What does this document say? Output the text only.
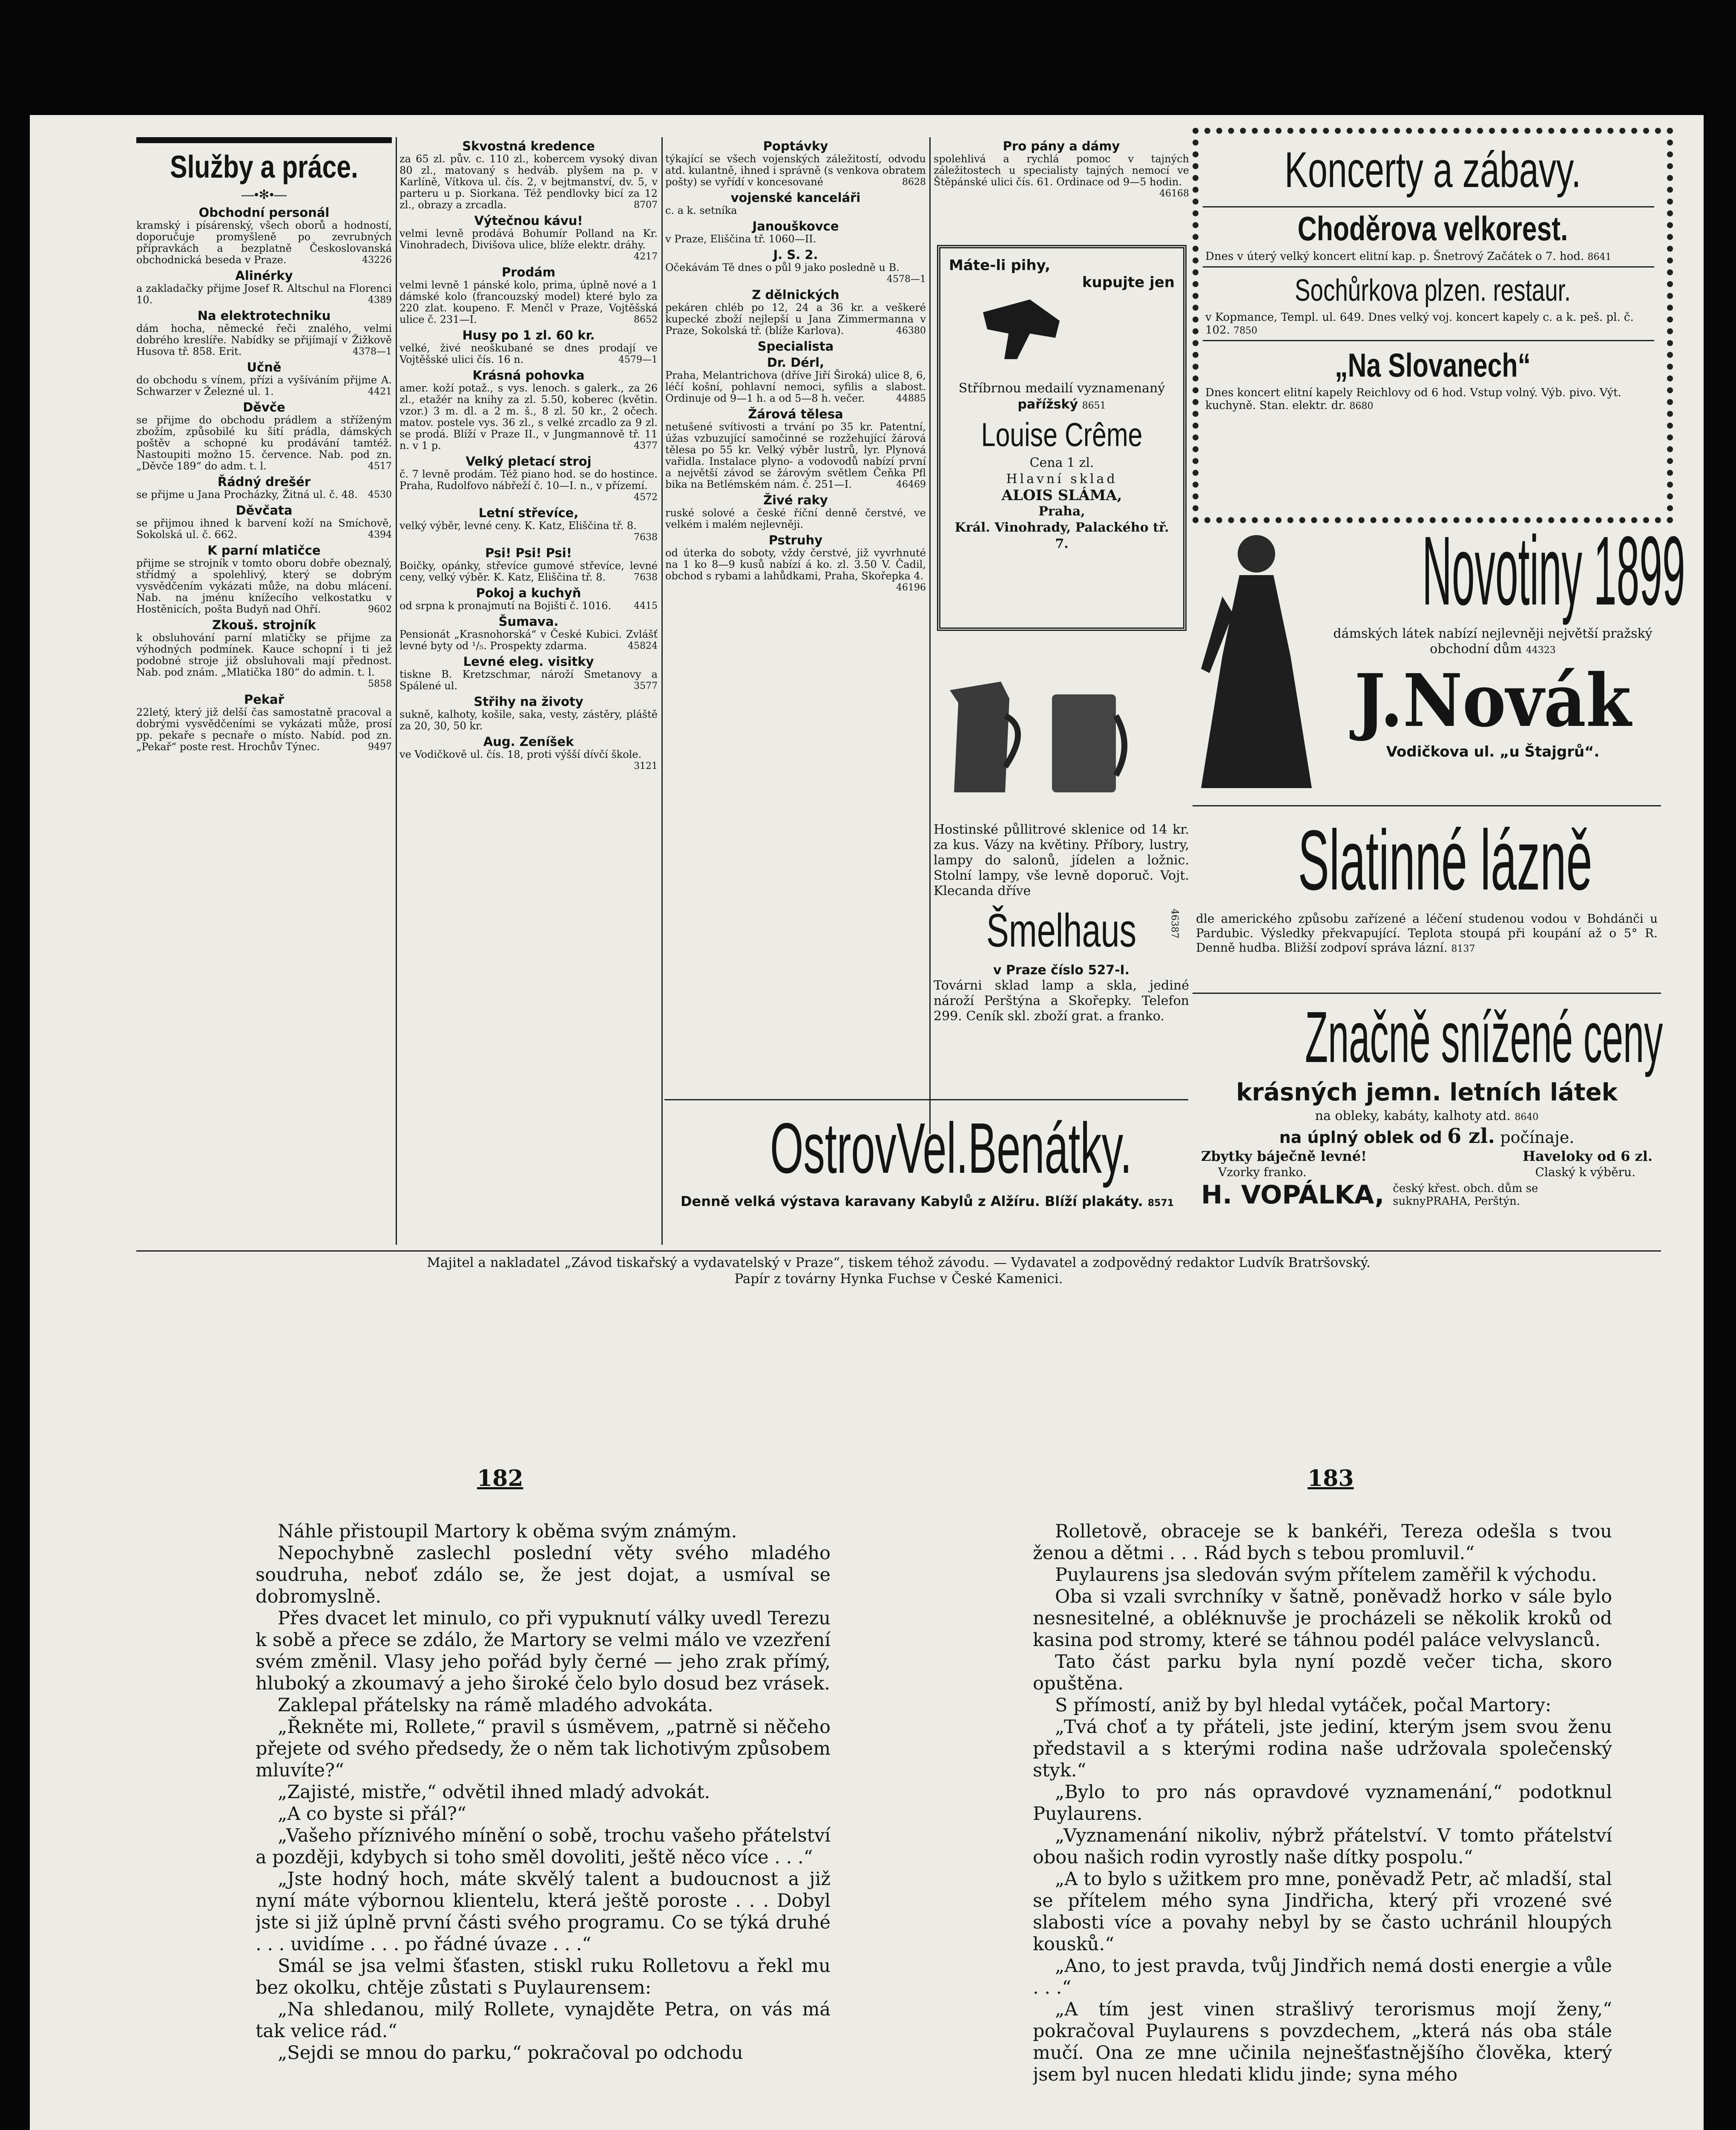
Služby a práce.
—•✻•—
Obchodní personál
kramský i písárenský, všech oborů a hodností, doporučuje promyšleně po zevrubných přípravkách a bezplatně Českoslovanská obchodnická beseda v Praze.	43226
Alinérky
a zakladačky přijme Josef R. Altschul na Florenci 10.	4389
Na elektrotechniku
dám hocha, německé řeči znalého, velmi dobrého kreslíře. Nabídky se přijímají v Žižkově Husova tř. 858. Erit.	4378—1
Učně
do obchodu s vínem, přízi a vyšíváním přijme A. Schwarzer v Železné ul. 1.	4421
Děvče
se přijme do obchodu prádlem a stříženým zbožím, způsobilé ku šití prádla, dámských poštěv a schopné ku prodávání tamtéž. Nastoupiti možno 15. července. Nab. pod zn. „Děvče 189“ do adm. t. l.	4517
Řádný drešér
se přijme u Jana Procházky, Žitná ul. č. 48. 4530
Děvčata
se přijmou ihned k barvení koží na Smíchově, Sokolská ul. č. 662.	4394
K parní mlatičce
přijme se strojník v tomto oboru dobře obeznalý, střídmý a spolehlivý, který se dobrým vysvědčením vykázati může, na dobu mlácení. Nab. na jménu knížecího velkostatku v Hostěnicích, pošta Budyň nad Ohří.	9602
Zkouš. strojník
k obsluhování parní mlatičky se přijme za výhodných podmínek. Kauce schopní i ti jež podobné stroje již obsluhovali mají přednost. Nab. pod znám. „Mlatička 180“ do admin. t. l.
5858
Pekař
22letý, který již delší čas samostatně pracoval a dobrými vysvědčeními se vykázati může, prosí pp. pekaře s pecnaře o místo. Nabíd. pod zn. „Pekař“ poste rest. Hrochův Týnec.	9497
Skvostná kredence
za 65 zl. pův. c. 110 zl., kobercem vysoký divan 80 zl., matovaný s hedváb. plyšem na p. v Karlíně, Vítkova ul. čís. 2, v bejtmanství, dv. 5, v parteru u p. Siorkana. Též pendlovky bicí za 12 zl., obrazy a zrcadla.	8707
Výtečnou kávu!
velmi levně prodává Bohumír Polland na Kr. Vinohradech, Divišova ulice, blíže elektr. dráhy.
4217
Prodám
velmi levně 1 pánské kolo, prima, úplně nové a 1 dámské kolo (francouzský model) které bylo za 220 zlat. koupeno. F. Menčl v Praze, Vojtěšská ulice č. 231—I.	8652
Husy po 1 zl. 60 kr.
velké, živé neoškubané se dnes prodají ve Vojtěšské ulici čís. 16 n.	4579—1
Krásná pohovka
amer. koží potaž., s vys. lenoch. s galerk., za 26 zl., etažér na knihy za zl. 5.50, koberec (květin. vzor.) 3 m. dl. a 2 m. š., 8 zl. 50 kr., 2 očech. matov. postele vys. 36 zl., s velké zrcadlo za 9 zl. se prodá. Blíží v Praze II., v Jungmannově tř. 11 n. v 1 p.	4377
Velký pletací stroj
č. 7 levně prodám. Též piano hod. se do hostince. Praha, Rudolfovo nábřeží č. 10—I. n., v přízemí.
4572
Letní střevíce,
velký výběr, levné ceny. K. Katz, Eliščina tř. 8.
7638
Psi! Psi! Psi!
Boičky, opánky, střevíce gumové střevíce, levné ceny, velký výběr. K. Katz, Eliščina tř. 8.	7638
Pokoj a kuchyň
od srpna k pronajmutí na Bojišti č. 1016. 4415
Šumava.
Pensionát „Krasnohorská“ v České Kubici. Zvlášť levné byty od ¹/₅. Prospekty zdarma.	45824
Levné eleg. visitky
tiskne B. Kretzschmar, nároží Smetanovy a Spálené ul.	3577
Střihy na životy
sukně, kalhoty, košile, saka, vesty, zástěry, pláště za 20, 30, 50 kr.
Aug. Zeníšek
ve Vodičkově ul. čís. 18, proti výšší dívčí škole.
3121
Poptávky
týkající se všech vojenských záležitostí, odvodu atd. kulantně, ihned i správně (s venkova obratem pošty) se vyřídí v koncesované	8628
vojenské kanceláři
c. a k. setníka
Janouškovce
v Praze, Eliščina tř. 1060—II.
J. S. 2.
Očekávám Tě dnes o půl 9 jako posledně u B.
4578—1
Z dělnických
pekáren chléb po 12, 24 a 36 kr. a veškeré kupecké zboží nejlepší u Jana Zimmermanna v Praze, Sokolská tř. (blíže Karlova).	46380
Specialista
Dr. Dérl,
Praha, Melantrichova (dříve Jiří Široká) ulice 8, 6, léčí košní, pohlavní nemoci, syfilis a slabost. Ordinuje od 9—1 h. a od 5—8 h. večer.	44885
Žárová tělesa
netušené svítivosti a trvání po 35 kr. Patentní, úžas vzbuzující samočinné se rozžehující žárová tělesa po 55 kr. Velký výběr lustrů, lyr. Plynová vařidla. Instalace plyno- a vodovodů nabízí první a největší závod se žárovým světlem Čeňka Pfl bika na Betlémském nám. č. 251—I.	46469
Živé raky
ruské solové a české říční denně čerstvé, ve velkém i malém nejlevněji.
Pstruhy
od úterka do soboty, vždy čerstvé, již vyvrhnuté na 1 ko 8—9 kusů nabízí á ko. zl. 3.50 V. Čadil, obchod s rybami a lahůdkami, Praha, Skořepka 4.
46196
Pro pány a dámy
spolehlivá a rychlá pomoc v tajných záležitostech u specialisty tajných nemocí ve Štěpánské ulici čís. 61. Ordinace od 9—5 hodin.
46168
Máte-li pihy,
kupujte jen
Stříbrnou medailí vyznamenaný
pařížský 8651
Louise Crême
Cena 1 zl.
Hlavní sklad
ALOIS SLÁMA,
Praha,
Král. Vinohrady, Palackého tř. 7.
Hostinské půllitrové sklenice od 14 kr. za kus. Vázy na květiny. Příbory, lustry, lampy do salonů, jídelen a ložnic. Stolní lampy, vše levně doporuč. Vojt. Klecanda dříve
Šmelhaus	46387
v Praze číslo 527-I.
Továrni sklad lamp a skla, jediné nároží Perštýna a Skořepky. Telefon 299. Ceník skl. zboží grat. a franko.
OstrovVel.Benátky.
Denně velká výstava karavany Kabylů z Alžíru. Blíží plakáty. 8571
Koncerty a zábavy.
Choděrova velkorest.
Dnes v úterý velký koncert elitní kap. p. Šnetrový Začátek o 7. hod. 8641
Sochůrkova plzen. restaur.
v Kopmance, Templ. ul. 649. Dnes velký voj. koncert kapely c. a k. peš. pl. č. 102. 7850
„Na Slovanech“
Dnes koncert elitní kapely Reichlovy od 6 hod. Vstup volný. Výb. pivo. Výt. kuchyně. Stan. elektr. dr. 8680
Novotiny 1899
dámských látek nabízí nejlevněji největší pražský obchodní dům 44323
J.Novák
Vodičkova ul. „u Štajgrů“.
Slatinné lázně
dle amerického způsobu zařízené a léčení studenou vodou v Bohdánči u Pardubic. Výsledky překvapující. Teplota stoupá při koupání až o 5° R. Denně hudba. Bližší zodpoví správa lázní. 8137
Značně snížené ceny
krásných jemn. letních látek
na obleky, kabáty, kalhoty atd. 8640
na úplný oblek od 6 zl. počínaje.
Zbytky báječně levné!	Haveloky od 6 zl.
Vzorky franko.	Claský k výběru.
H. VOPÁLKA, český křest. obch. dům se suknyPRAHA, Perštýn.
Majitel a nakladatel „Závod tiskařský a vydavatelský v Praze“, tiskem téhož závodu. — Vydavatel a zodpovědný redaktor Ludvík Bratršovský.
Papír z továrny Hynka Fuchse v České Kamenici.
182	183

Náhle přistoupil Martory k oběma svým známým.

Nepochybně zaslechl poslední věty svého mladého soudruha, neboť zdálo se, že jest dojat, a usmíval se dobromyslně.

Přes dvacet let minulo, co při vypuknutí války uvedl Terezu k sobě a přece se zdálo, že Martory se velmi málo ve vzezření svém změnil. Vlasy jeho pořád byly černé — jeho zrak přímý, hluboký a zkoumavý a jeho široké čelo bylo dosud bez vrásek.

Zaklepal přátelsky na rámě mladého advokáta.

„Řekněte mi, Rollete,“ pravil s úsměvem, „patrně si něčeho přejete od svého předsedy, že o něm tak lichotivým způsobem mluvíte?“

„Zajisté, mistře,“ odvětil ihned mladý advokát.

„A co byste si přál?“

„Vašeho příznivého mínění o sobě, trochu vašeho přátelství a později, kdybych si toho směl dovoliti, ještě něco více . . .“

„Jste hodný hoch, máte skvělý talent a budoucnost a již nyní máte výbornou klientelu, která ještě poroste . . . Dobyl jste si již úplně první části svého programu. Co se týká druhé . . . uvidíme . . . po řádné úvaze . . .“

Smál se jsa velmi šťasten, stiskl ruku Rolletovu a řekl mu bez okolku, chtěje zůstati s Puylaurensem:

„Na shledanou, milý Rollete, vynajděte Petra, on vás má tak velice rád.“

„Sejdi se mnou do parku,“ pokračoval po odchodu

Rolletově, obraceje se k bankéři, Tereza odešla s tvou ženou a dětmi . . . Rád bych s tebou promluvil.“

Puylaurens jsa sledován svým přítelem zaměřil k východu.

Oba si vzali svrchníky v šatně, poněvadž horko v sále bylo nesnesitelné, a obléknuvše je procházeli se několik kroků od kasina pod stromy, které se táhnou podél paláce velvyslanců.

Tato část parku byla nyní pozdě večer ticha, skoro opuštěna.

S přímostí, aniž by byl hledal vytáček, počal Martory:

„Tvá choť a ty přáteli, jste jediní, kterým jsem svou ženu představil a s kterými rodina naše udržovala společenský styk.“

„Bylo to pro nás opravdové vyznamenání,“ podotknul Puylaurens.

„Vyznamenání nikoliv, nýbrž přátelství. V tomto přátelství obou našich rodin vyrostly naše dítky pospolu.“

„A to bylo s užitkem pro mne, poněvadž Petr, ač mladší, stal se přítelem mého syna Jindřicha, který při vrozené své slabosti více a povahy nebyl by se často uchránil hloupých kousků.“

„Ano, to jest pravda, tvůj Jindřich nemá dosti energie a vůle . . .“

„A tím jest vinen strašlivý terorismus mojí ženy,“ pokračoval Puylaurens s povzdechem, „která nás oba stále mučí. Ona ze mne učinila nejnešťastnějšího člověka, který jsem byl nucen hledati klidu jinde; syna mého
